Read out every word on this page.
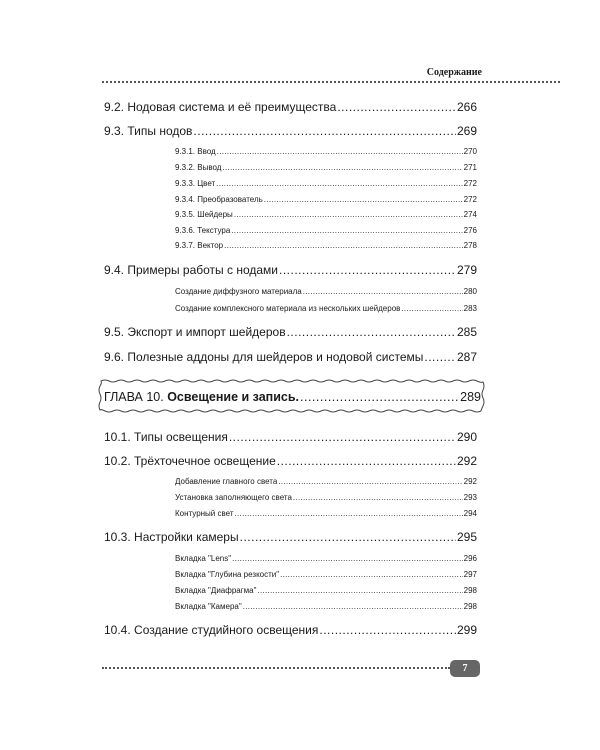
Содержание
9.2. Нодовая система и её преимущества .....	266
9.3. Типы нодов .....	269
9.3.1. Ввод .....	270
9.3.2. Вывод .....	271
9.3.3. Цвет .....	272
9.3.4. Преобразователь .....	272
9.3.5. Шейдеры .....	274
9.3.6. Текстура .....	276
9.3.7. Вектор .....	278
9.4. Примеры работы с нодами .....	279
Создание диффузного материала .....	280
Создание комплексного материала из нескольких шейдеров .....	283
9.5. Экспорт и импорт шейдеров .....	285
9.6. Полезные аддоны для шейдеров и нодовой системы .....	287
ГЛАВА 10.
Освещение и запись. .....	289
10.1. Типы освещения .....	290
10.2. Трёхточечное освещение .....	292
Добавление главного света .....	292
Установка заполняющего света .....	293
Контурный свет .....	294
10.3. Настройки камеры .....	295
Вкладка "Lens" .....	296
Вкладка "Глубина резкости" .....	297
Вкладка "Диафрагма" .....	298
Вкладка "Камера" .....	298
10.4. Создание студийного освещения .....	299
7
